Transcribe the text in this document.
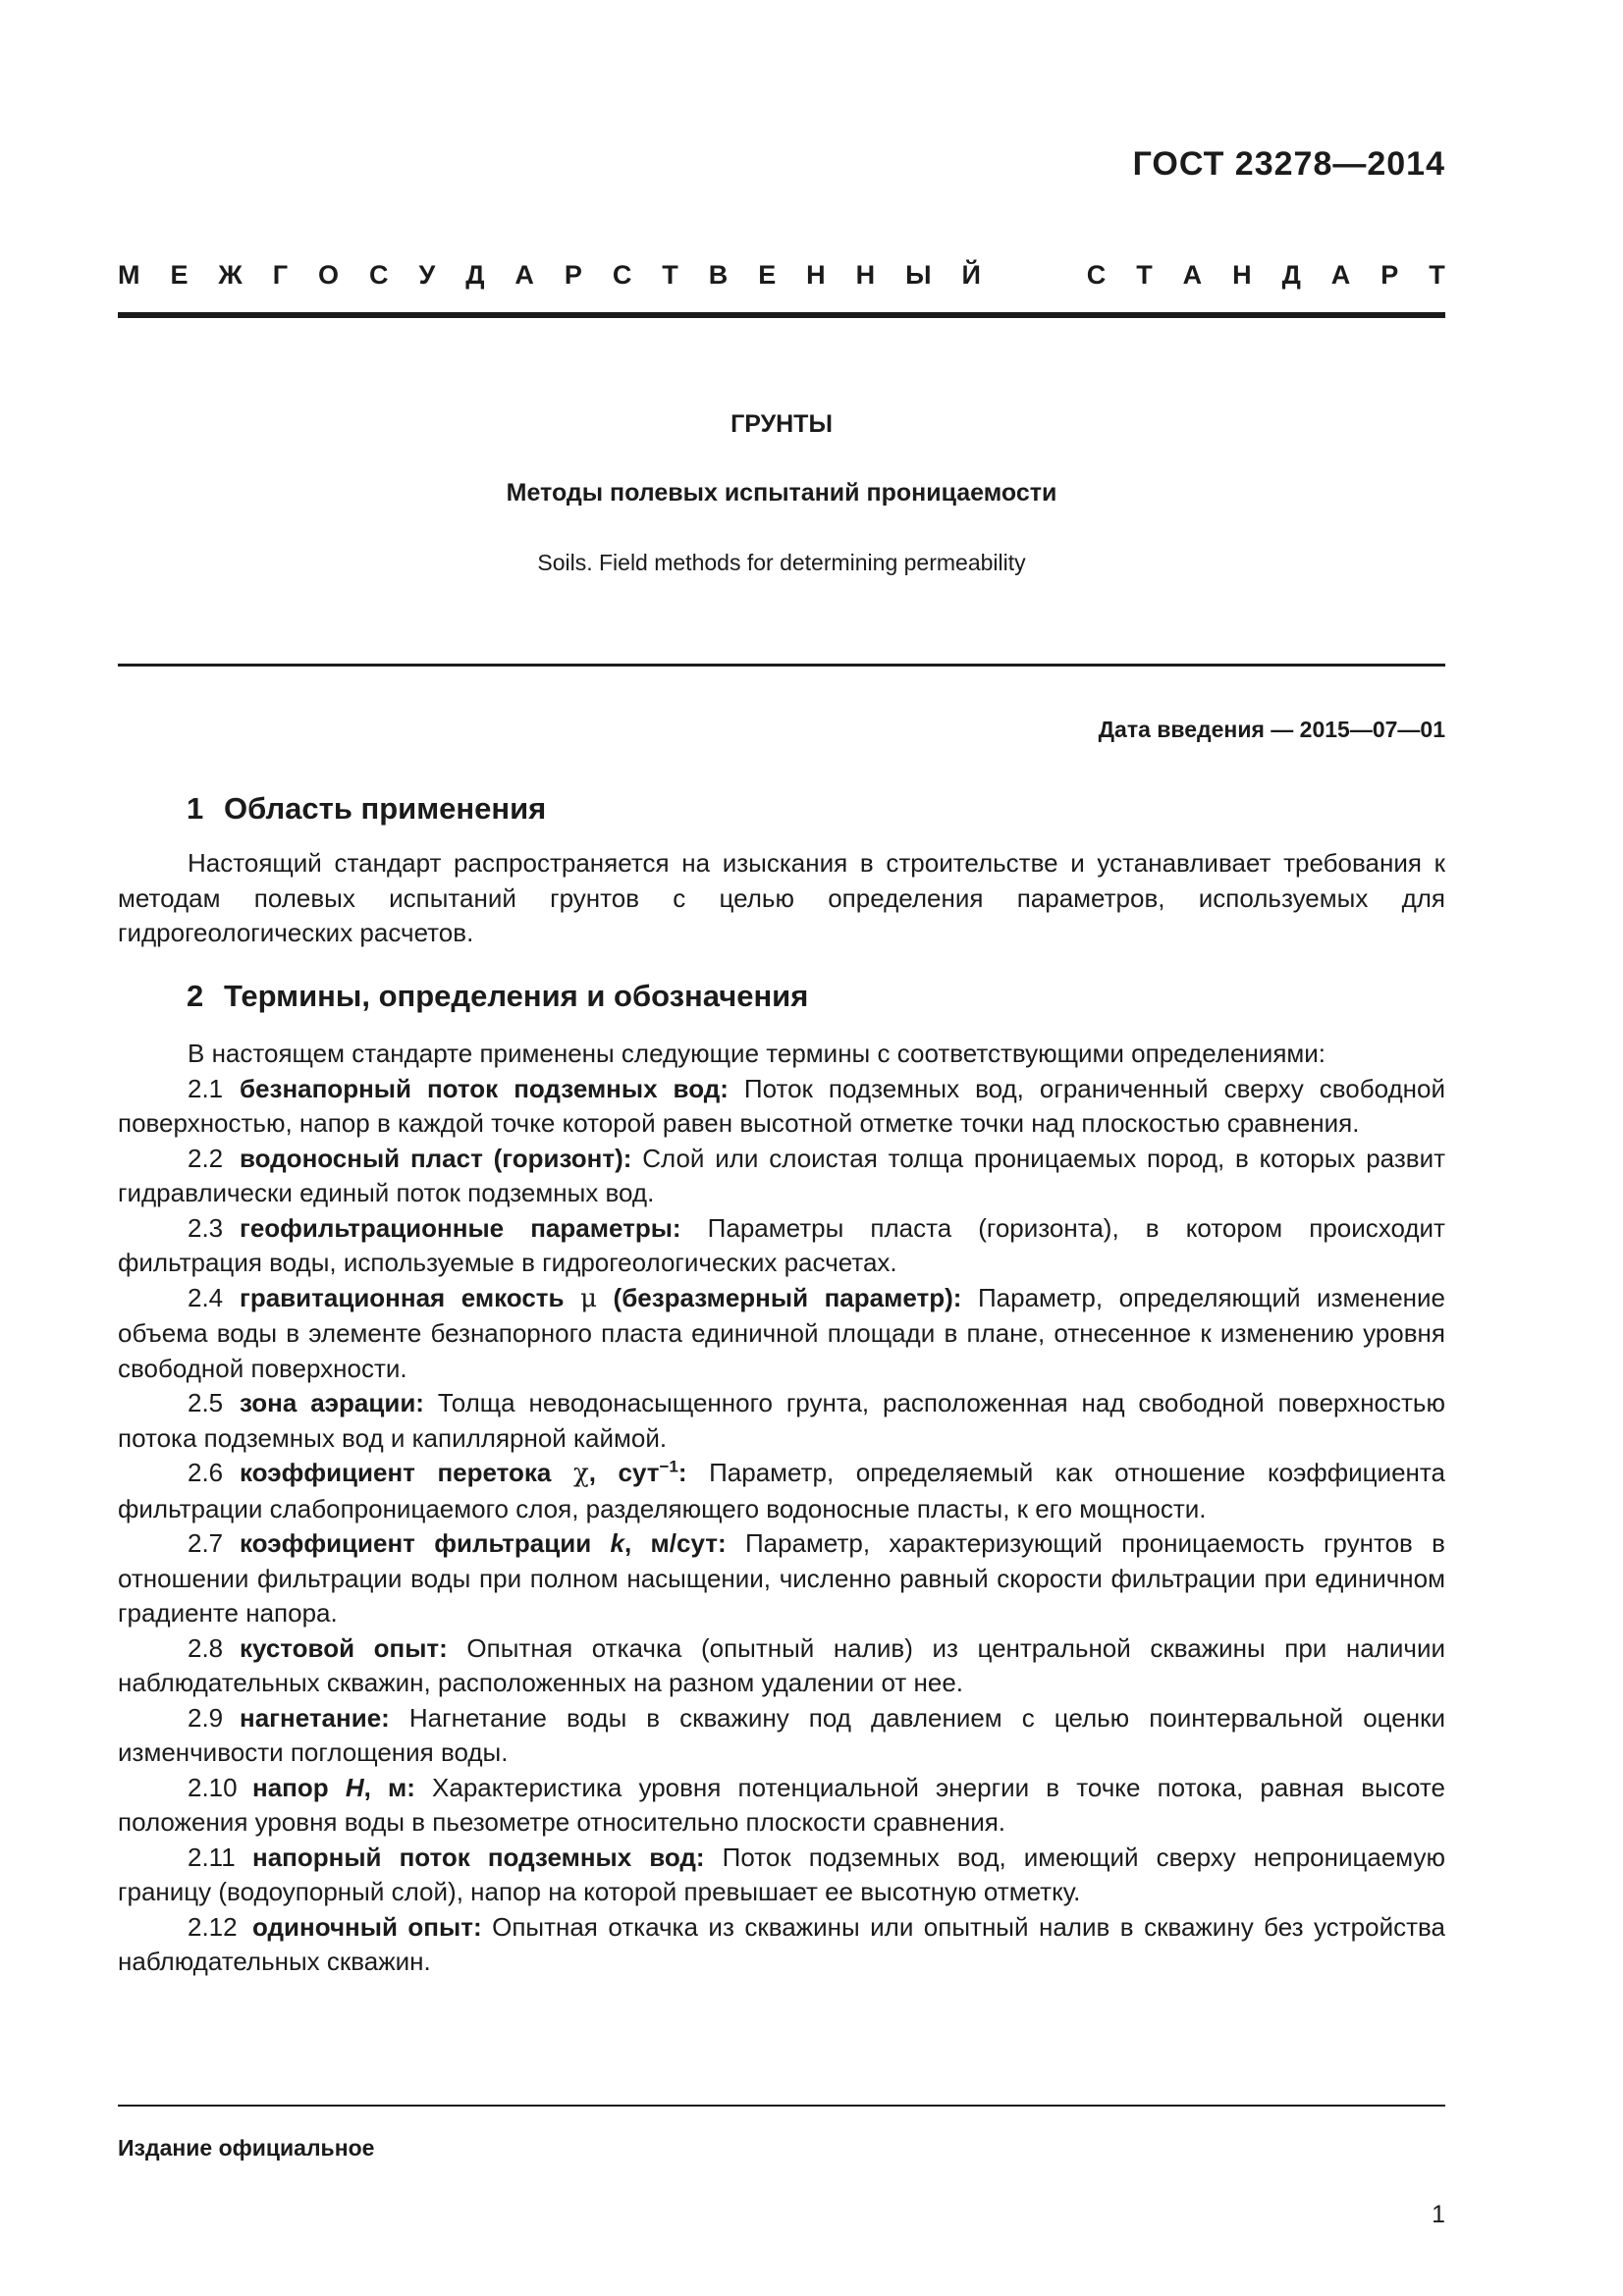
ГОСТ 23278—2014
М Е Ж Г О С У Д А Р С Т В Е Н Н Ы Й

	С Т А Н Д А Р Т
ГРУНТЫ
Методы полевых испытаний проницаемости
Soils. Field methods for determining permeability
Дата введения — 2015—07—01
1 Область применения

Настоящий стандарт распространяется на изыскания в строительстве и устанавливает требования к методам полевых испытаний грунтов с целью определения параметров, используемых для гидрогеологических расчетов.

2 Термины, определения и обозначения

В настоящем стандарте применены следующие термины с соответствующими определениями:

2.1 безнапорный поток подземных вод: Поток подземных вод, ограниченный сверху свободной поверхностью, напор в каждой точке которой равен высотной отметке точки над плоскостью сравнения.

2.2 водоносный пласт (горизонт): Слой или слоистая толща проницаемых пород, в которых развит гидравлически единый поток подземных вод.

2.3 геофильтрационные параметры: Параметры пласта (горизонта), в котором происходит фильтрация воды, используемые в гидрогеологических расчетах.

2.4 гравитационная емкость μ (безразмерный параметр): Параметр, определяющий изменение объема воды в элементе безнапорного пласта единичной площади в плане, отнесенное к изменению уровня свободной поверхности.

2.5 зона аэрации: Толща неводонасыщенного грунта, расположенная над свободной поверхностью потока подземных вод и капиллярной каймой.

2.6 коэффициент перетока χ, сут$^{-1}$: Параметр, определяемый как отношение коэффициента фильтрации слабопроницаемого слоя, разделяющего водоносные пласты, к его мощности.

2.7 коэффициент фильтрации k, м/сут: Параметр, характеризующий проницаемость грунтов в отношении фильтрации воды при полном насыщении, численно равный скорости фильтрации при единичном градиенте напора.

2.8 кустовой опыт: Опытная откачка (опытный налив) из центральной скважины при наличии наблюдательных скважин, расположенных на разном удалении от нее.

2.9 нагнетание: Нагнетание воды в скважину под давлением с целью поинтервальной оценки изменчивости поглощения воды.

2.10 напор H, м: Характеристика уровня потенциальной энергии в точке потока, равная высоте положения уровня воды в пьезометре относительно плоскости сравнения.

2.11 напорный поток подземных вод: Поток подземных вод, имеющий сверху непроницаемую границу (водоупорный слой), напор на которой превышает ее высотную отметку.

2.12 одиночный опыт: Опытная откачка из скважины или опытный налив в скважину без устройства наблюдательных скважин.

Издание официальное
1
